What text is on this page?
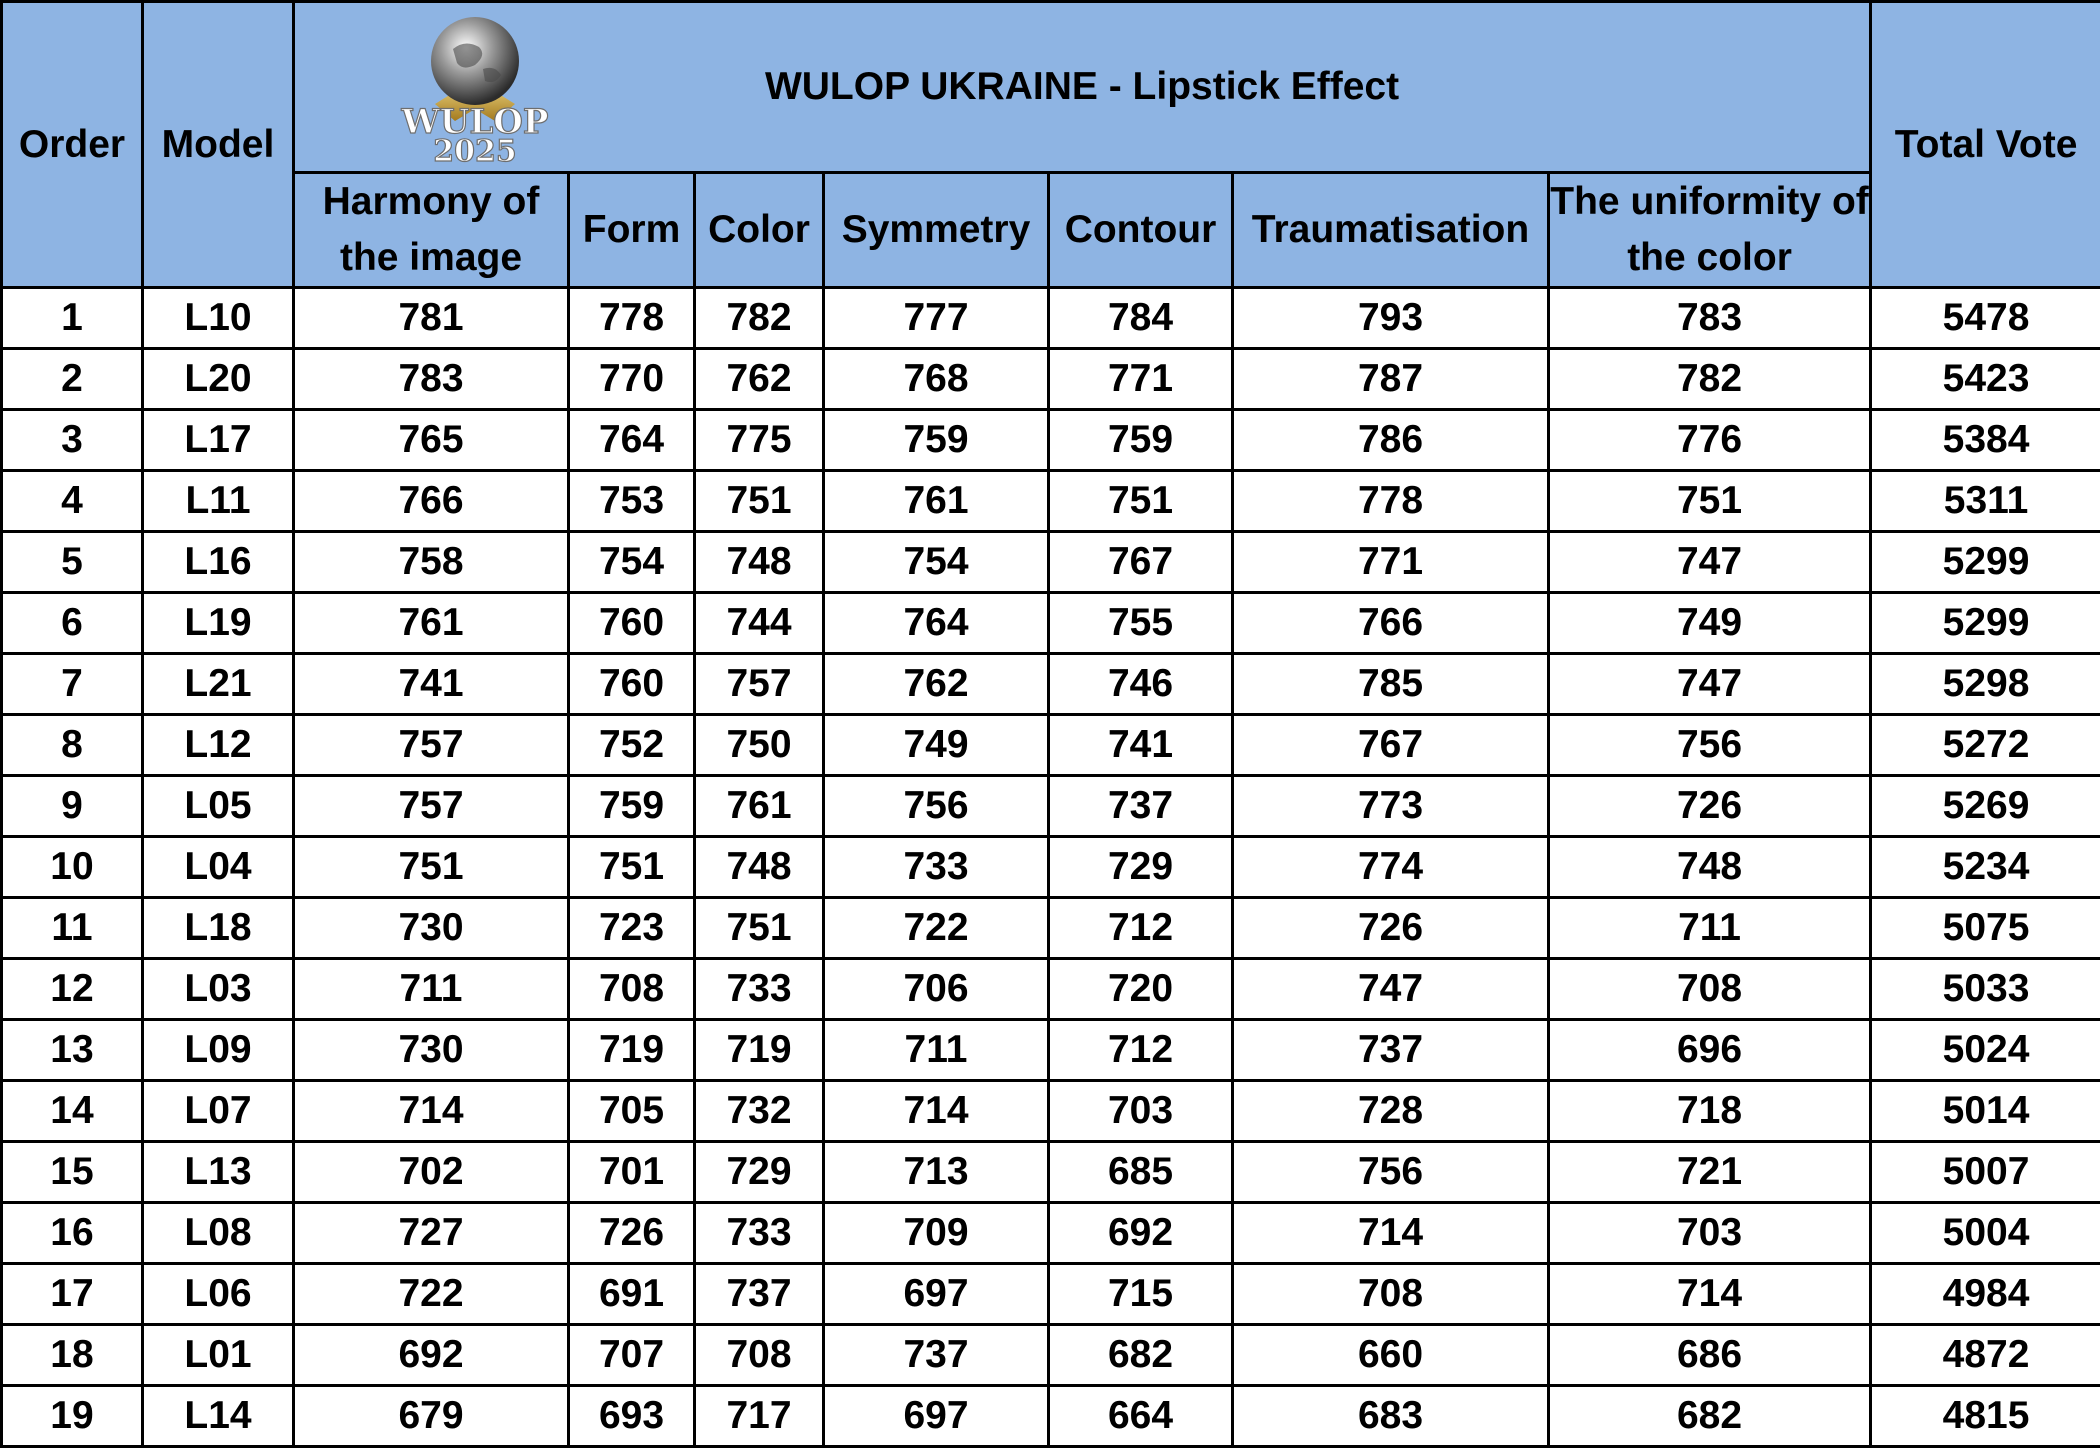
Order	Model	WULOP
2025
WULOP UKRAINE - Lipstick Effect							Total Vote
		Harmony of the image	Form	Color	Symmetry	Contour	Traumatisation	The uniformity of the color	
1	L10	781	778	782	777	784	793	783	5478
2	L20	783	770	762	768	771	787	782	5423
3	L17	765	764	775	759	759	786	776	5384
4	L11	766	753	751	761	751	778	751	5311
5	L16	758	754	748	754	767	771	747	5299
6	L19	761	760	744	764	755	766	749	5299
7	L21	741	760	757	762	746	785	747	5298
8	L12	757	752	750	749	741	767	756	5272
9	L05	757	759	761	756	737	773	726	5269
10	L04	751	751	748	733	729	774	748	5234
11	L18	730	723	751	722	712	726	711	5075
12	L03	711	708	733	706	720	747	708	5033
13	L09	730	719	719	711	712	737	696	5024
14	L07	714	705	732	714	703	728	718	5014
15	L13	702	701	729	713	685	756	721	5007
16	L08	727	726	733	709	692	714	703	5004
17	L06	722	691	737	697	715	708	714	4984
18	L01	692	707	708	737	682	660	686	4872
19	L14	679	693	717	697	664	683	682	4815
